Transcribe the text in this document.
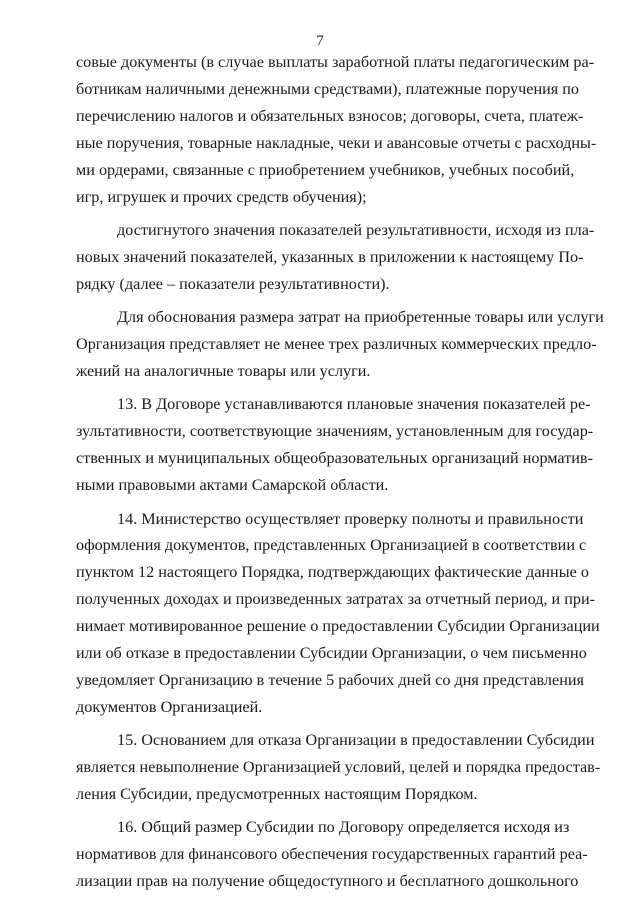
7
совые документы (в случае выплаты заработной платы педагогическим ра-
ботникам наличными денежными средствами), платежные поручения по
перечислению налогов и обязательных взносов; договоры, счета, платеж-
ные поручения, товарные накладные, чеки и авансовые отчеты с расходны-
ми ордерами, связанные с приобретением учебников, учебных пособий,
игр, игрушек и прочих средств обучения);
достигнутого значения показателей результативности, исходя из пла-
новых значений показателей, указанных в приложении к настоящему По-
рядку (далее – показатели результативности).
Для обоснования размера затрат на приобретенные товары или услуги
Организация представляет не менее трех различных коммерческих предло-
жений на аналогичные товары или услуги.
13. В Договоре устанавливаются плановые значения показателей ре-
зультативности, соответствующие значениям, установленным для государ-
ственных и муниципальных общеобразовательных организаций норматив-
ными правовыми актами Самарской области.
14. Министерство осуществляет проверку полноты и правильности
оформления документов, представленных Организацией в соответствии с
пунктом 12 настоящего Порядка, подтверждающих фактические данные о
полученных доходах и произведенных затратах за отчетный период, и при-
нимает мотивированное решение о предоставлении Субсидии Организации
или об отказе в предоставлении Субсидии Организации, о чем письменно
уведомляет Организацию в течение 5 рабочих дней со дня представления
документов Организацией.
15. Основанием для отказа Организации в предоставлении Субсидии
является невыполнение Организацией условий, целей и порядка предостав-
ления Субсидии, предусмотренных настоящим Порядком.
16. Общий размер Субсидии по Договору определяется исходя из
нормативов для финансового обеспечения государственных гарантий реа-
лизации прав на получение общедоступного и бесплатного дошкольного
